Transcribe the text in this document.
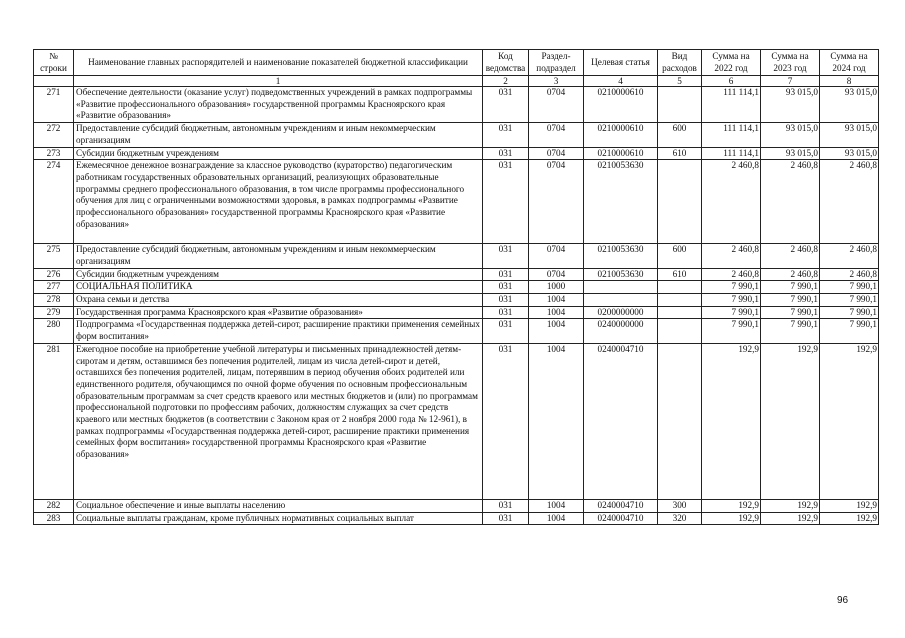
№ строки	Наименование главных распорядителей и наименование показателей бюджетной классификации	Код ведомства	Раздел-подраздел	Целевая статья	Вид расходов	Сумма на 2022 год	Сумма на 2023 год	Сумма на 2024 год
	1	2	3	4	5	6	7	8
271	Обеспечение деятельности (оказание услуг) подведомственных учреждений в рамках подпрограммы «Развитие профессионального образования» государственной программы Красноярского края «Развитие образования»	031	0704	0210000610		111 114,1	93 015,0	93 015,0
272	Предоставление субсидий бюджетным, автономным учреждениям и иным некоммерческим организациям	031	0704	0210000610	600	111 114,1	93 015,0	93 015,0
273	Субсидии бюджетным учреждениям	031	0704	0210000610	610	111 114,1	93 015,0	93 015,0
274	Ежемесячное денежное вознаграждение за классное руководство (кураторство) педагогическим работникам государственных образовательных организаций, реализующих образовательные программы среднего профессионального образования, в том числе программы профессионального обучения для лиц с ограниченными возможностями здоровья, в рамках подпрограммы «Развитие профессионального образования» государственной программы Красноярского края «Развитие образования»	031	0704	0210053630		2 460,8	2 460,8	2 460,8
275	Предоставление субсидий бюджетным, автономным учреждениям и иным некоммерческим организациям	031	0704	0210053630	600	2 460,8	2 460,8	2 460,8
276	Субсидии бюджетным учреждениям	031	0704	0210053630	610	2 460,8	2 460,8	2 460,8
277	СОЦИАЛЬНАЯ ПОЛИТИКА	031	1000			7 990,1	7 990,1	7 990,1
278	Охрана семьи и детства	031	1004			7 990,1	7 990,1	7 990,1
279	Государственная программа Красноярского края «Развитие образования»	031	1004	0200000000		7 990,1	7 990,1	7 990,1
280	Подпрограмма «Государственная поддержка детей-сирот, расширение практики применения семейных форм воспитания»	031	1004	0240000000		7 990,1	7 990,1	7 990,1
281	Ежегодное пособие на приобретение учебной литературы и письменных принадлежностей детям-сиротам и детям, оставшимся без попечения родителей, лицам из числа детей-сирот и детей, оставшихся без попечения родителей, лицам, потерявшим в период обучения обоих родителей или единственного родителя, обучающимся по очной форме обучения по основным профессиональным образовательным программам за счет средств краевого или местных бюджетов и (или) по программам профессиональной подготовки по профессиям рабочих, должностям служащих за счет средств краевого или местных бюджетов (в соответствии с Законом края от 2 ноября 2000 года № 12-961), в рамках подпрограммы «Государственная поддержка детей-сирот, расширение практики применения семейных форм воспитания» государственной программы Красноярского края «Развитие образования»	031	1004	0240004710		192,9	192,9	192,9
282	Социальное обеспечение и иные выплаты населению	031	1004	0240004710	300	192,9	192,9	192,9
283	Социальные выплаты гражданам, кроме публичных нормативных социальных выплат	031	1004	0240004710	320	192,9	192,9	192,9
96
